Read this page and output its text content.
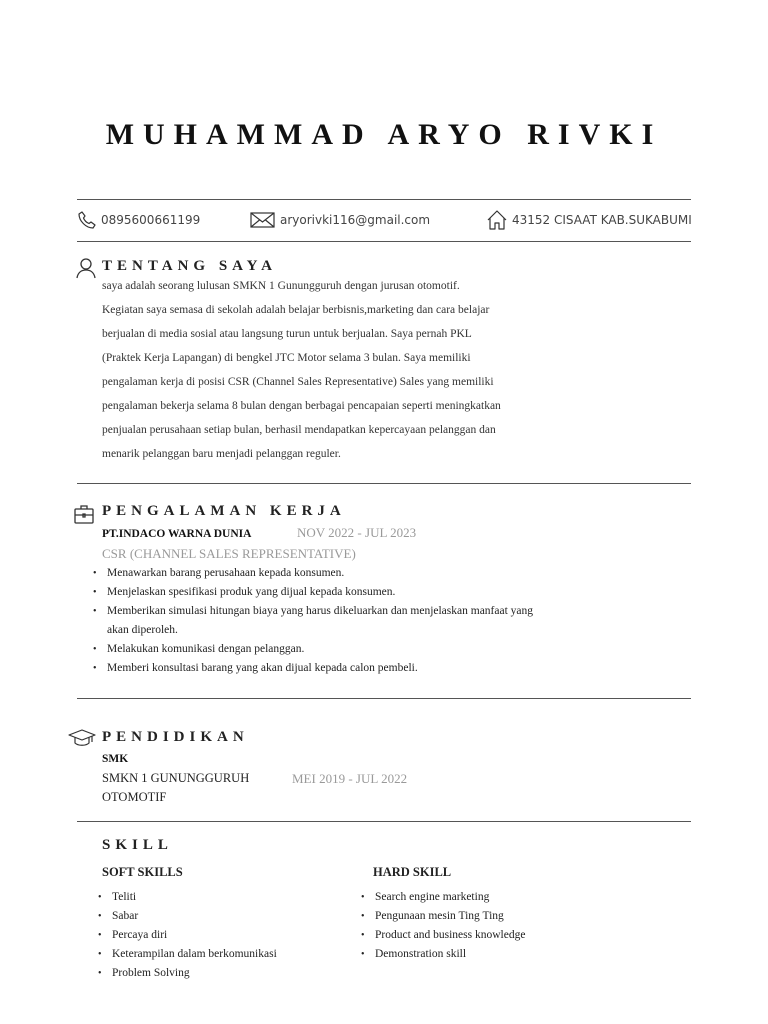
MUHAMMAD ARYO RIVKI
0895600661199	aryorivki116@gmail.com	43152 CISAAT KAB.SUKABUMI
TENTANG SAYA

saya adalah seorang lulusan SMKN 1 Gunungguruh dengan jurusan otomotif.

Kegiatan saya semasa di sekolah adalah belajar berbisnis,marketing dan cara belajar

berjualan di media sosial atau langsung turun untuk berjualan. Saya pernah PKL

(Praktek Kerja Lapangan) di bengkel JTC Motor selama 3 bulan. Saya memiliki

pengalaman kerja di posisi CSR (Channel Sales Representative) Sales yang memiliki

pengalaman bekerja selama 8 bulan dengan berbagai pencapaian seperti meningkatkan

penjualan perusahaan setiap bulan, berhasil mendapatkan kepercayaan pelanggan dan

menarik pelanggan baru menjadi pelanggan reguler.

PENGALAMAN KERJA
PT.INDACO WARNA DUNIA	NOV 2022 - JUL 2023
CSR (CHANNEL SALES REPRESENTATIVE)
• Menawarkan barang perusahaan kepada konsumen.
• Menjelaskan spesifikasi produk yang dijual kepada konsumen.
• Memberikan simulasi hitungan biaya yang harus dikeluarkan dan menjelaskan manfaat yang akan diperoleh.
• Melakukan komunikasi dengan pelanggan.
• Memberi konsultasi barang yang akan dijual kepada calon pembeli.
PENDIDIKAN
SMK
SMKN 1 GUNUNGGURUH	MEI 2019 - JUL 2022
OTOMOTIF
SKILL
SOFT SKILLS
• Teliti
• Sabar
• Percaya diri
• Keterampilan dalam berkomunikasi
• Problem Solving
HARD SKILL
• Search engine marketing
• Pengunaan mesin Ting Ting
• Product and business knowledge
• Demonstration skill
